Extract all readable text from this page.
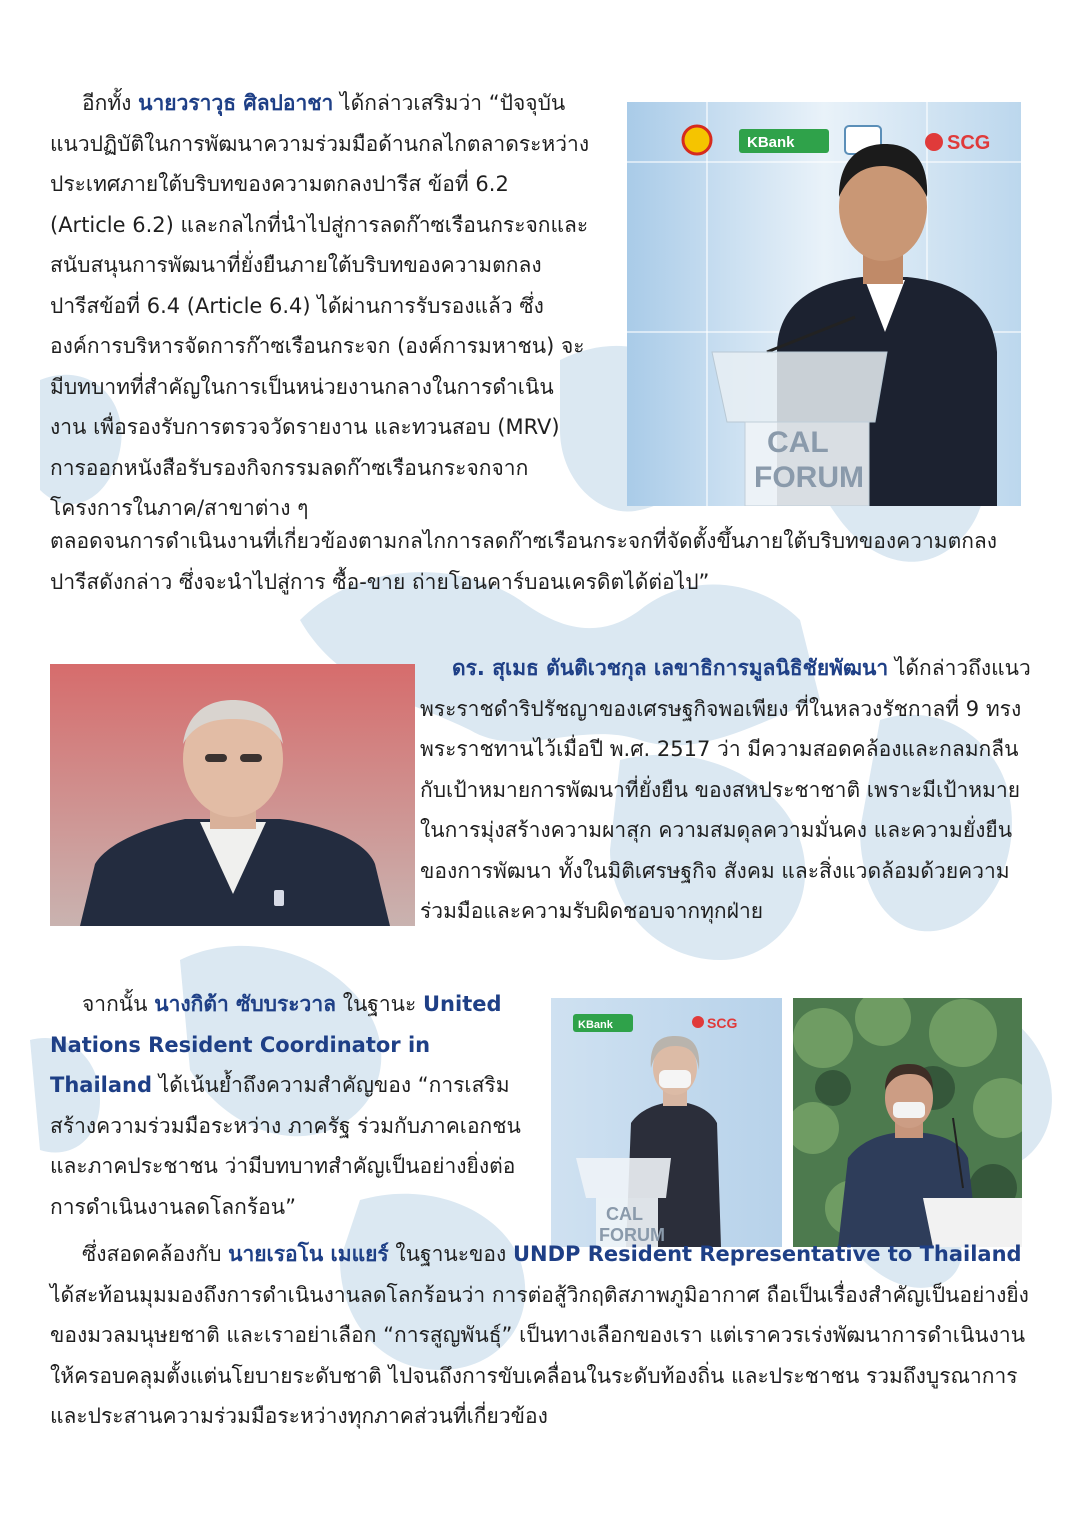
อีกทั้ง นายวราวุธ ศิลปอาชา ได้กล่าวเสริมว่า “ปัจจุบันแนวปฏิบัติในการพัฒนาความร่วมมือด้านกลไกตลาดระหว่างประเทศภายใต้บริบทของความตกลงปารีส ข้อที่ 6.2 (Article 6.2) และกลไกที่นำไปสู่การลดก๊าซเรือนกระจกและสนับสนุนการพัฒนาที่ยั่งยืนภายใต้บริบทของความตกลงปารีสข้อที่ 6.4 (Article 6.4) ได้ผ่านการรับรองแล้ว ซึ่งองค์การบริหารจัดการก๊าซเรือนกระจก (องค์การมหาชน) จะมีบทบาทที่สำคัญในการเป็นหน่วยงานกลางในการดำเนินงาน เพื่อรองรับการตรวจวัดรายงาน และทวนสอบ (MRV) การออกหนังสือรับรองกิจกรรมลดก๊าซเรือนกระจกจากโครงการในภาค/สาขาต่าง ๆ

ตลอดจนการดำเนินงานที่เกี่ยวข้องตามกลไกการลดก๊าซเรือนกระจกที่จัดตั้งขึ้นภายใต้บริบทของความตกลงปารีสดังกล่าว ซึ่งจะนำไปสู่การ ซื้อ-ขาย ถ่ายโอนคาร์บอนเครดิตได้ต่อไป”

KBank	SCG
CAL
FORUM

ดร. สุเมธ ตันติเวชกุล เลขาธิการมูลนิธิชัยพัฒนา ได้กล่าวถึงแนวพระราชดำริปรัชญาของเศรษฐกิจพอเพียง ที่ในหลวงรัชกาลที่ 9 ทรงพระราชทานไว้เมื่อปี พ.ศ. 2517 ว่า มีความสอดคล้องและกลมกลืนกับเป้าหมายการพัฒนาที่ยั่งยืน ของสหประชาชาติ เพราะมีเป้าหมายในการมุ่งสร้างความผาสุก ความสมดุลความมั่นคง และความยั่งยืนของการพัฒนา ทั้งในมิติเศรษฐกิจ สังคม และสิ่งแวดล้อมด้วยความร่วมมือและความรับผิดชอบจากทุกฝ่าย

จากนั้น นางกิต้า ซับบระวาล ในฐานะ United Nations Resident Coordinator in Thailand ได้เน้นย้ำถึงความสำคัญของ “การเสริมสร้างความร่วมมือระหว่าง ภาครัฐ ร่วมกับภาคเอกชน และภาคประชาชน ว่ามีบทบาทสำคัญเป็นอย่างยิ่งต่อการดำเนินงานลดโลกร้อน”

KBank	SCG
CAL
FORUM

ซึ่งสอดคล้องกับ นายเรอโน เมแยร์ ในฐานะของ UNDP Resident Representative to Thailand ได้สะท้อนมุมมองถึงการดำเนินงานลดโลกร้อนว่า การต่อสู้วิกฤติสภาพภูมิอากาศ ถือเป็นเรื่องสำคัญเป็นอย่างยิ่ง ของมวลมนุษยชาติ และเราอย่าเลือก “การสูญพันธุ์” เป็นทางเลือกของเรา แต่เราควรเร่งพัฒนาการดำเนินงานให้ครอบคลุมตั้งแต่นโยบายระดับชาติ ไปจนถึงการขับเคลื่อนในระดับท้องถิ่น และประชาชน รวมถึงบูรณาการและประสานความร่วมมือระหว่างทุกภาคส่วนที่เกี่ยวข้อง
